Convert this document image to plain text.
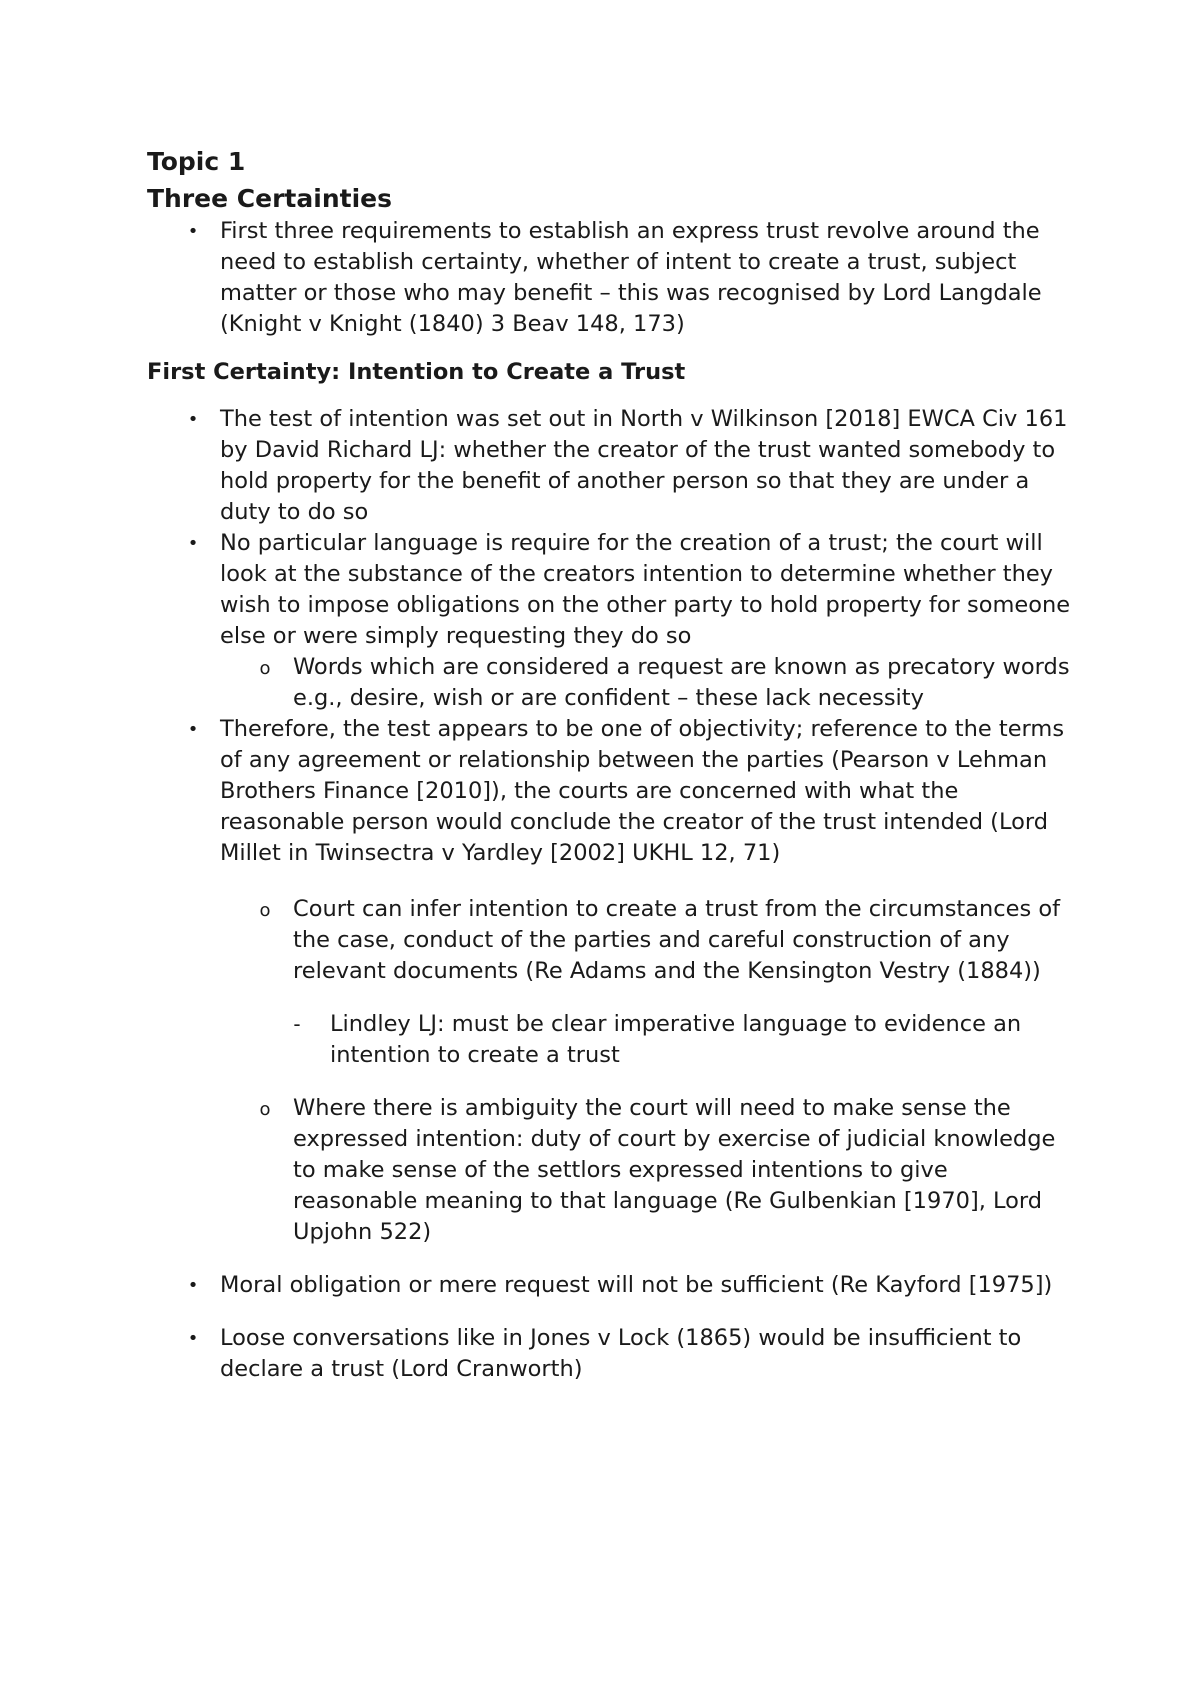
Topic 1
Three Certainties
• First three requirements to establish an express trust revolve around the need to establish certainty, whether of intent to create a trust, subject matter or those who may benefit – this was recognised by Lord Langdale (Knight v Knight (1840) 3 Beav 148, 173)
First Certainty: Intention to Create a Trust
• The test of intention was set out in North v Wilkinson [2018] EWCA Civ 161 by David Richard LJ: whether the creator of the trust wanted somebody to hold property for the benefit of another person so that they are under a duty to do so
• No particular language is require for the creation of a trust; the court will look at the substance of the creators intention to determine whether they wish to impose obligations on the other party to hold property for someone else or were simply requesting they do so
o Words which are considered a request are known as precatory words e.g., desire, wish or are confident – these lack necessity
• Therefore, the test appears to be one of objectivity; reference to the terms of any agreement or relationship between the parties (Pearson v Lehman Brothers Finance [2010]), the courts are concerned with what the reasonable person would conclude the creator of the trust intended (Lord Millet in Twinsectra v Yardley [2002] UKHL 12, 71)
o Court can infer intention to create a trust from the circumstances of the case, conduct of the parties and careful construction of any relevant documents (Re Adams and the Kensington Vestry (1884))
- Lindley LJ: must be clear imperative language to evidence an intention to create a trust
o Where there is ambiguity the court will need to make sense the expressed intention: duty of court by exercise of judicial knowledge to make sense of the settlors expressed intentions to give reasonable meaning to that language (Re Gulbenkian [1970], Lord Upjohn 522)
• Moral obligation or mere request will not be sufficient (Re Kayford [1975])
• Loose conversations like in Jones v Lock (1865) would be insufficient to declare a trust (Lord Cranworth)
